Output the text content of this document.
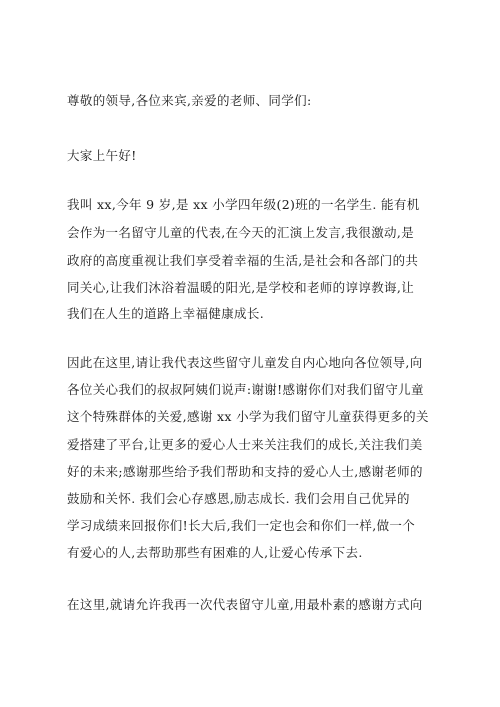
尊敬的领导,各位来宾,亲爱的老师、同学们:
大家上午好!
我叫 xx,今年 9 岁,是 xx 小学四年级(2)班的一名学生. 能有机
会作为一名留守儿童的代表,在今天的汇演上发言,我很激动,是
政府的高度重视让我们享受着幸福的生活,是社会和各部门的共
同关心,让我们沐浴着温暖的阳光,是学校和老师的谆谆教诲,让
我们在人生的道路上幸福健康成长.
因此在这里,请让我代表这些留守儿童发自内心地向各位领导,向
各位关心我们的叔叔阿姨们说声:谢谢!感谢你们对我们留守儿童
这个特殊群体的关爱,感谢 xx 小学为我们留守儿童获得更多的关
爱搭建了平台,让更多的爱心人士来关注我们的成长,关注我们美
好的未来;感谢那些给予我们帮助和支持的爱心人士,感谢老师的
鼓励和关怀. 我们会心存感恩,励志成长. 我们会用自己优异的
学习成绩来回报你们!长大后,我们一定也会和你们一样,做一个
有爱心的人,去帮助那些有困难的人,让爱心传承下去.
在这里,就请允许我再一次代表留守儿童,用最朴素的感谢方式向
